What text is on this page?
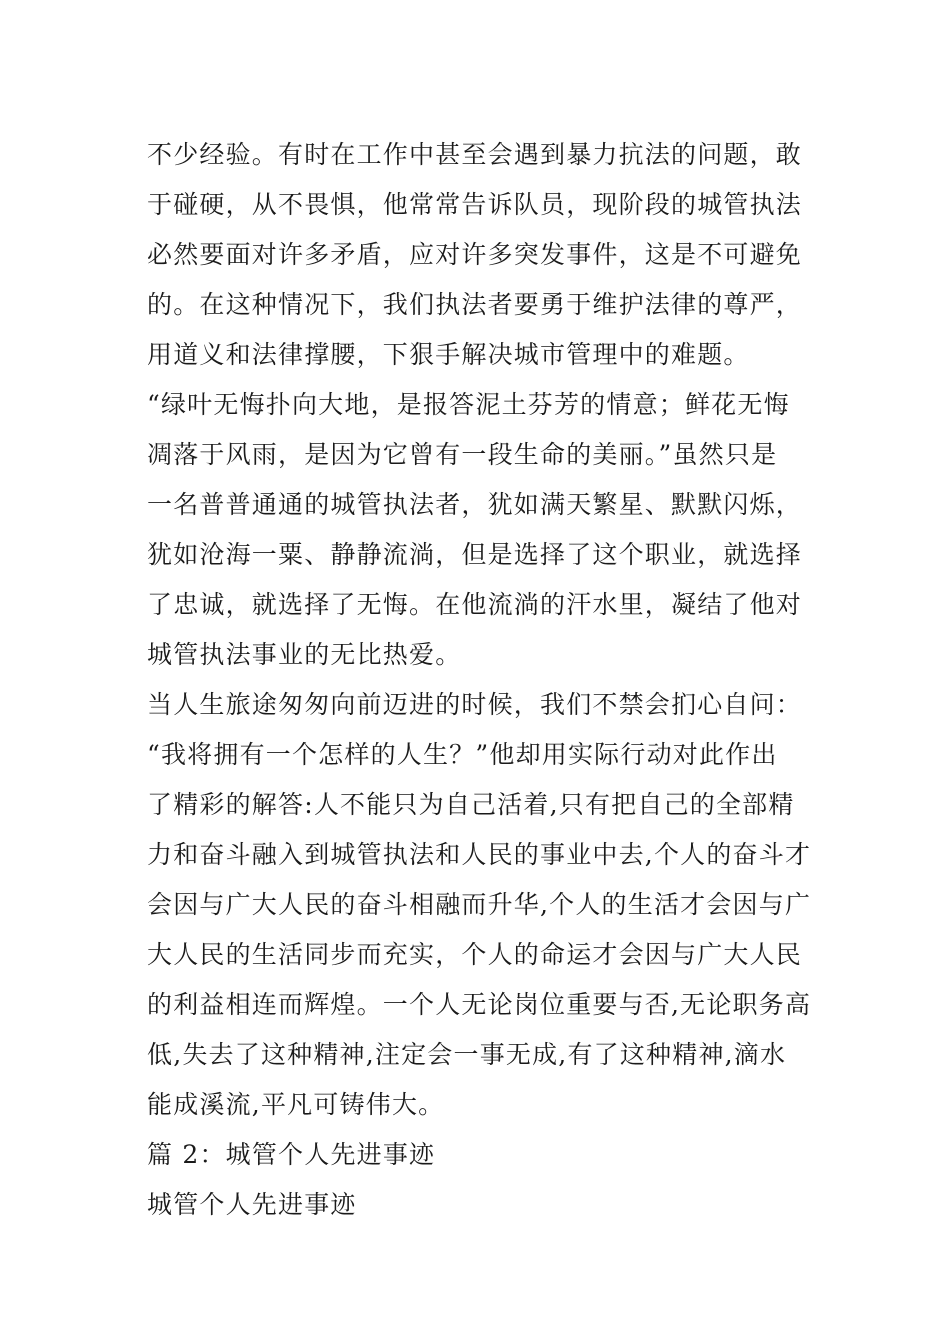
不少经验。有时在工作中甚至会遇到暴力抗法的问题，敢
于碰硬，从不畏惧，他常常告诉队员，现阶段的城管执法
必然要面对许多矛盾，应对许多突发事件，这是不可避免
的。在这种情况下，我们执法者要勇于维护法律的尊严，
用道义和法律撑腰，下狠手解决城市管理中的难题。
“绿叶无悔扑向大地，是报答泥土芬芳的情意；鲜花无悔
凋落于风雨，是因为它曾有一段生命的美丽。”虽然只是
一名普普通通的城管执法者，犹如满天繁星、默默闪烁，
犹如沧海一粟、静静流淌，但是选择了这个职业，就选择
了忠诚，就选择了无悔。在他流淌的汗水里，凝结了他对
城管执法事业的无比热爱。
当人生旅途匆匆向前迈进的时候，我们不禁会扪心自问：
“我将拥有一个怎样的人生？”他却用实际行动对此作出
了精彩的解答:人不能只为自己活着,只有把自己的全部精
力和奋斗融入到城管执法和人民的事业中去,个人的奋斗才
会因与广大人民的奋斗相融而升华,个人的生活才会因与广
大人民的生活同步而充实，个人的命运才会因与广大人民
的利益相连而辉煌。一个人无论岗位重要与否,无论职务高
低,失去了这种精神,注定会一事无成,有了这种精神,滴水
能成溪流,平凡可铸伟大。
篇 2：城管个人先进事迹
城管个人先进事迹
